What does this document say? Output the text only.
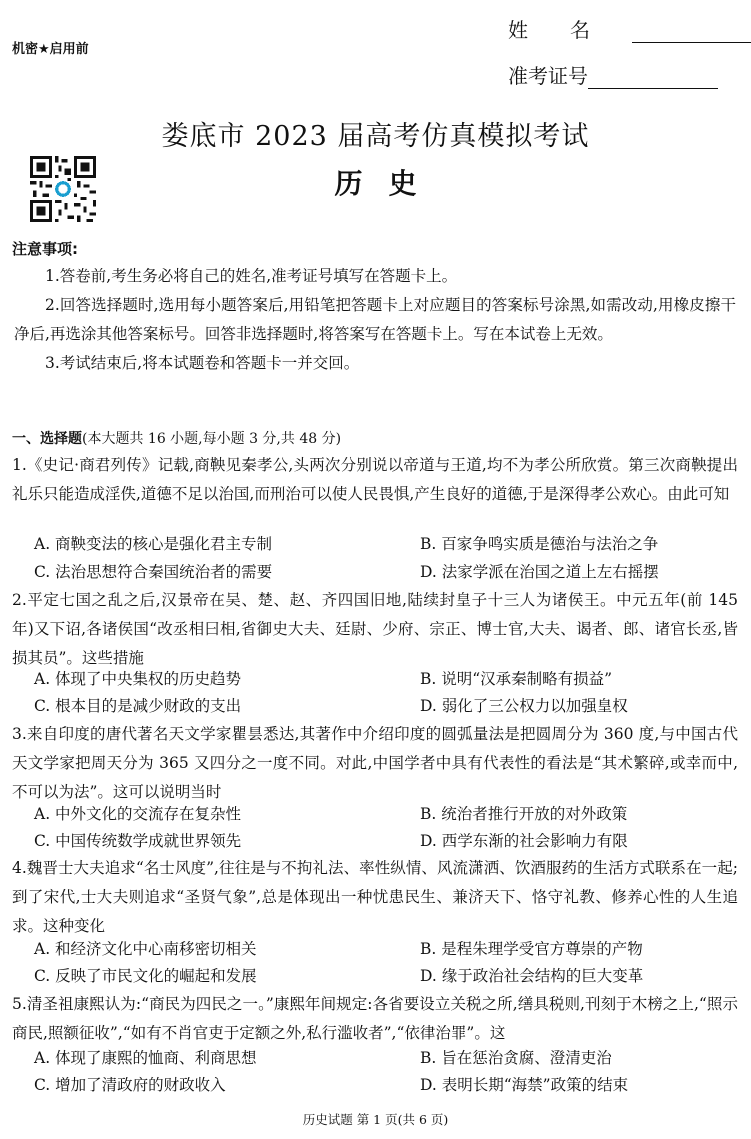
机密★启用前
姓名
准考证号
娄底市 2023 届高考仿真模拟考试
历史
注意事项:

1.答卷前,考生务必将自己的姓名,准考证号填写在答题卡上。

2.回答选择题时,选用每小题答案后,用铅笔把答题卡上对应题目的答案标号涂黑,如需改动,用橡皮擦干净后,再选涂其他答案标号。回答非选择题时,将答案写在答题卡上。写在本试卷上无效。

3.考试结束后,将本试题卷和答题卡一并交回。

一、选择题(本大题共 16 小题,每小题 3 分,共 48 分)
1.《史记·商君列传》记载,商鞅见秦孝公,头两次分别说以帝道与王道,均不为孝公所欣赏。第三次商鞅提出礼乐只能造成淫佚,道德不足以治国,而刑治可以使人民畏惧,产生良好的道德,于是深得孝公欢心。由此可知
A. 商鞅变法的核心是强化君主专制	B. 百家争鸣实质是德治与法治之争
C. 法治思想符合秦国统治者的需要	D. 法家学派在治国之道上左右摇摆
2.平定七国之乱之后,汉景帝在吴、楚、赵、齐四国旧地,陆续封皇子十三人为诸侯王。中元五年(前 145 年)又下诏,各诸侯国“改丞相曰相,省御史大夫、廷尉、少府、宗正、博士官,大夫、谒者、郎、诸官长丞,皆损其员”。这些措施
A. 体现了中央集权的历史趋势	B. 说明“汉承秦制略有损益”
C. 根本目的是减少财政的支出	D. 弱化了三公权力以加强皇权
3.来自印度的唐代著名天文学家瞿昙悉达,其著作中介绍印度的圆弧量法是把圆周分为 360 度,与中国古代天文学家把周天分为 365 又四分之一度不同。对此,中国学者中具有代表性的看法是“其术繁碎,或幸而中,不可以为法”。这可以说明当时
A. 中外文化的交流存在复杂性	B. 统治者推行开放的对外政策
C. 中国传统数学成就世界领先	D. 西学东渐的社会影响力有限
4.魏晋士大夫追求“名士风度”,往往是与不拘礼法、率性纵情、风流潇洒、饮酒服药的生活方式联系在一起;到了宋代,士大夫则追求“圣贤气象”,总是体现出一种忧患民生、兼济天下、恪守礼教、修养心性的人生追求。这种变化
A. 和经济文化中心南移密切相关	B. 是程朱理学受官方尊崇的产物
C. 反映了市民文化的崛起和发展	D. 缘于政治社会结构的巨大变革
5.清圣祖康熙认为:“商民为四民之一。”康熙年间规定:各省要设立关税之所,缮具税则,刊刻于木榜之上,“照示商民,照额征收”,“如有不肖官吏于定额之外,私行滥收者”,“依律治罪”。这
A. 体现了康熙的恤商、利商思想	B. 旨在惩治贪腐、澄清吏治
C. 增加了清政府的财政收入	D. 表明长期“海禁”政策的结束
历史试题 第 1 页(共 6 页)
